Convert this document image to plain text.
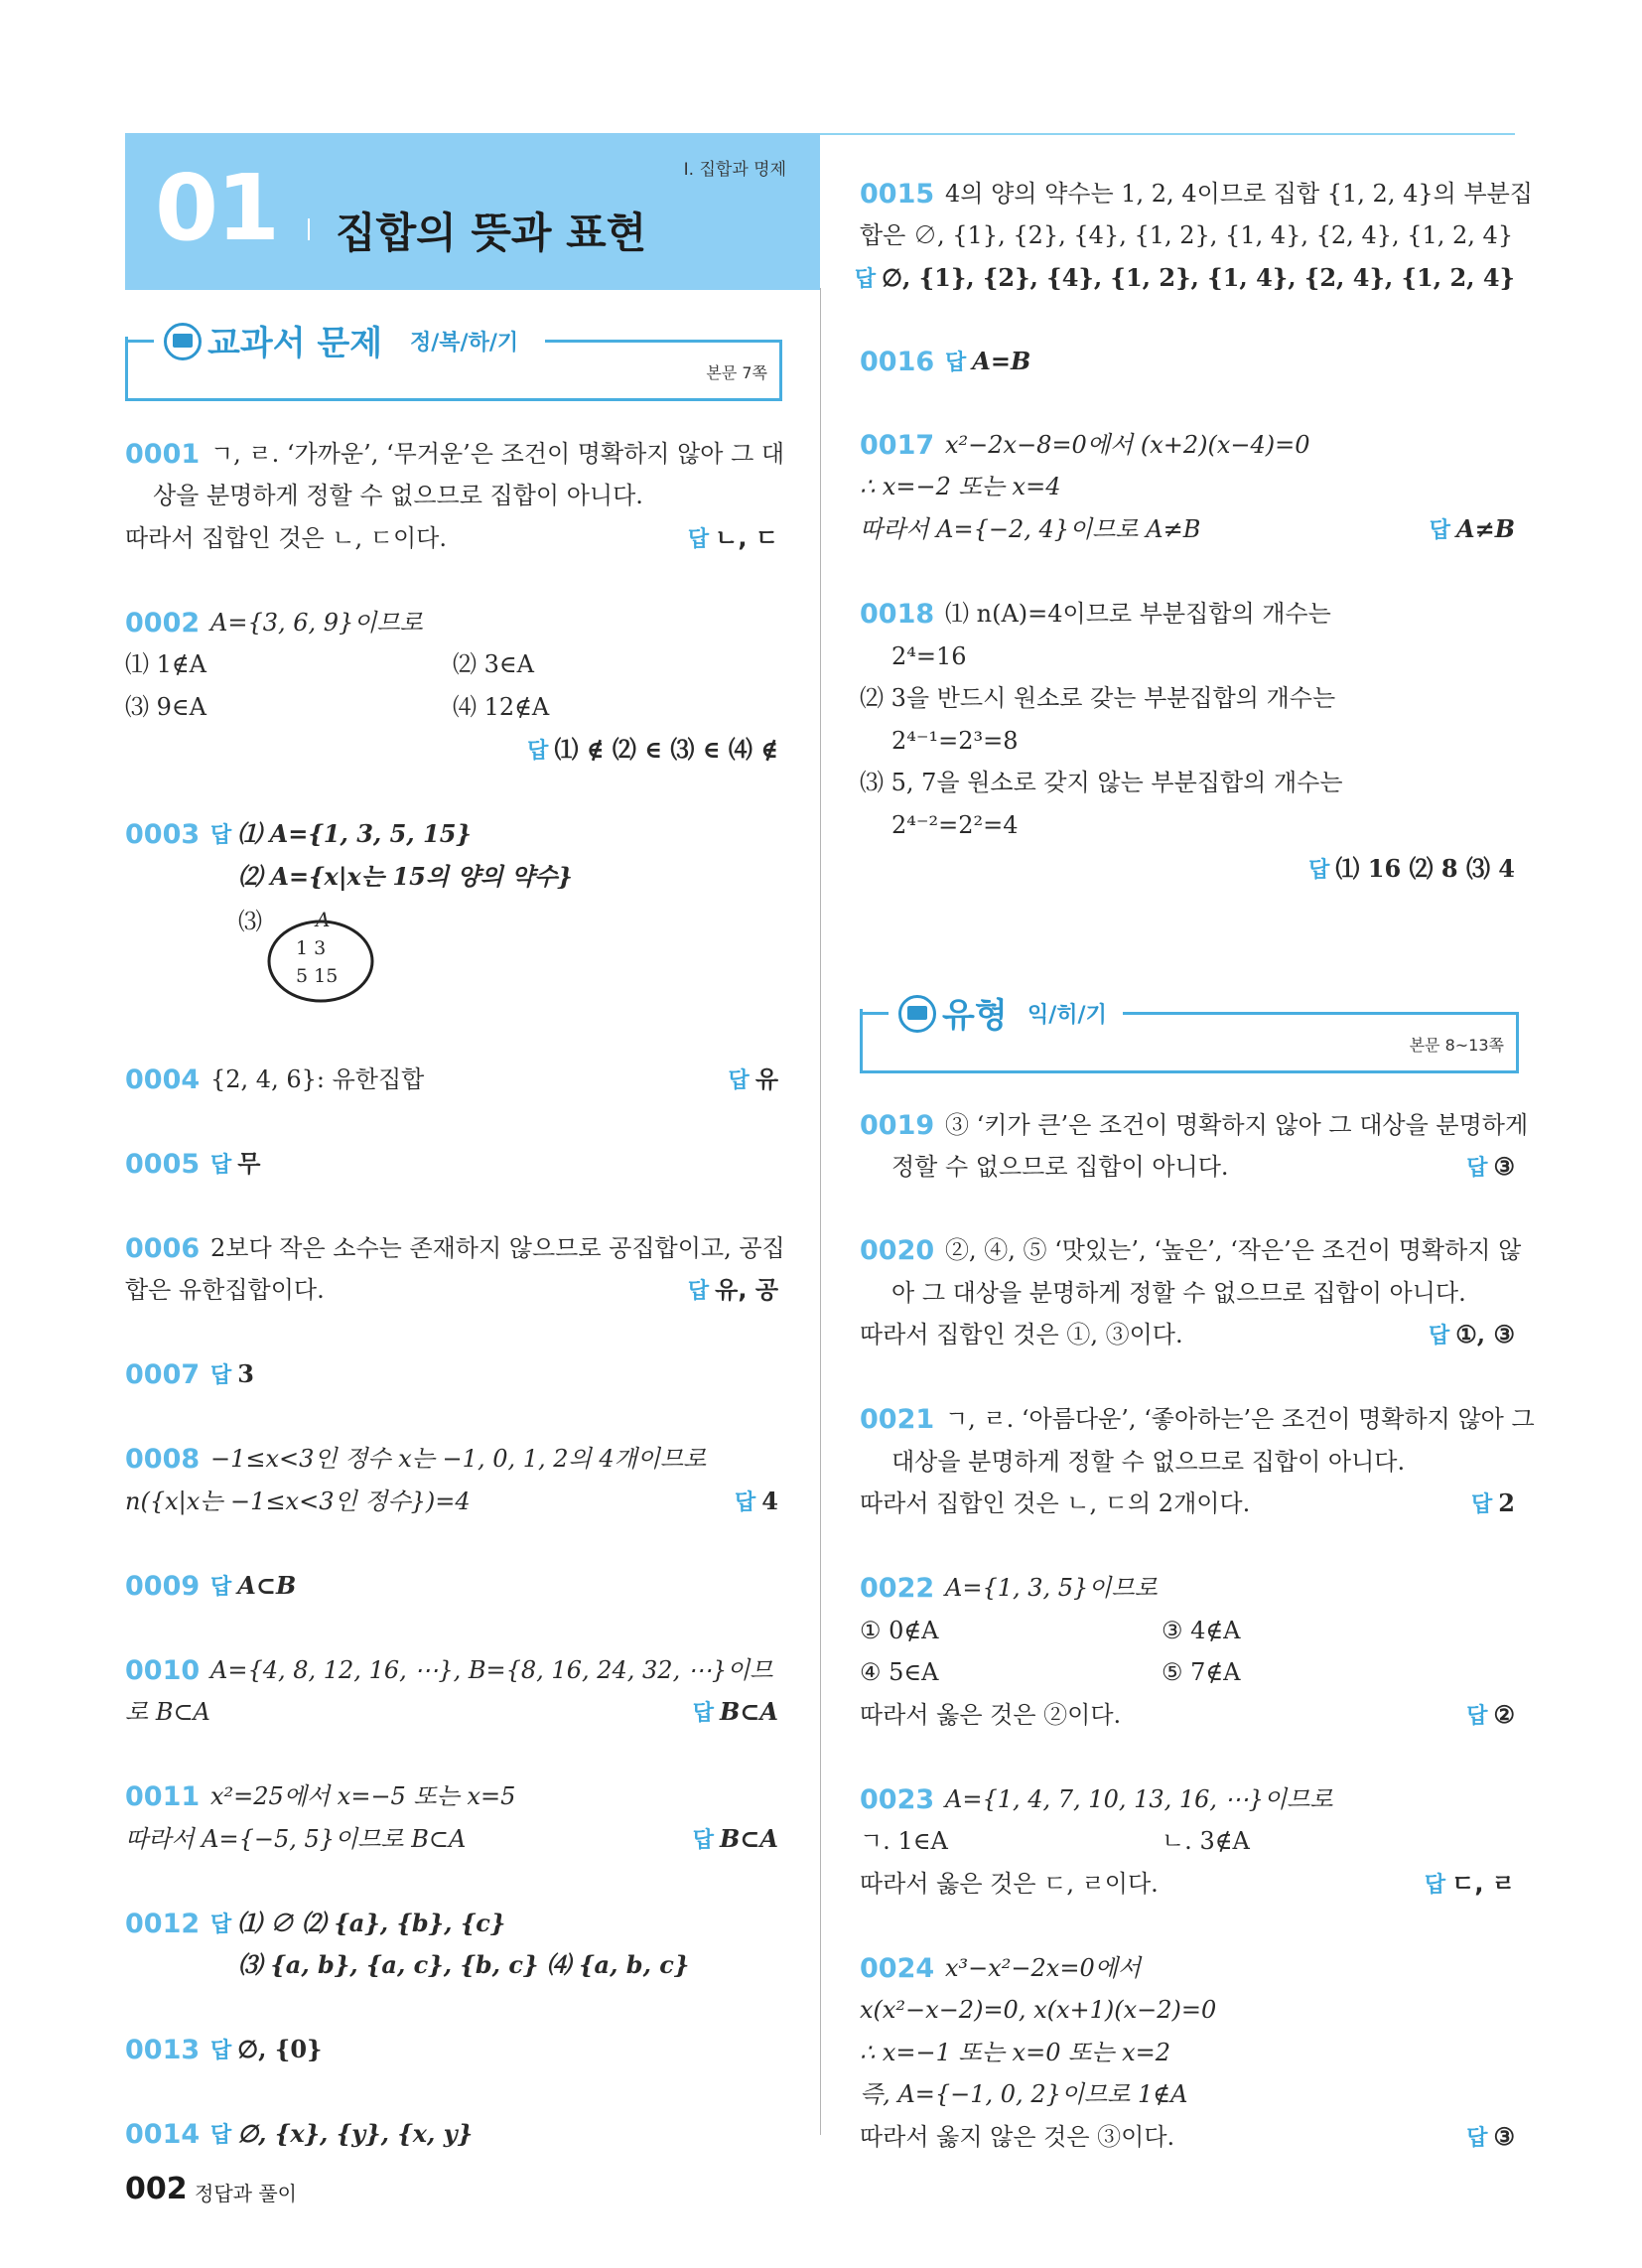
01 집합의 뜻과 표현
Ⅰ. 집합과 명제
교과서 문제 정/복/하/기
본문 7쪽
유형 익/히/기
본문 8~13쪽
0001 ㄱ, ㄹ. ‘가까운’, ‘무거운’은 조건이 명확하지 않아 그 대
상을 분명하게 정할 수 없으므로 집합이 아니다.
따라서 집합인 것은 ㄴ, ㄷ이다.	답 ㄴ, ㄷ
0002 A={3, 6, 9}이므로
⑴ 1∉A	⑵ 3∈A
⑶ 9∈A	⑷ 12∉A
답 ⑴ ∉ ⑵ ∈ ⑶ ∈ ⑷ ∉
0003 답 ⑴ A={1, 3, 5, 15}
⑵ A={x|x는 15의 양의 약수}
⑶	A
1 3
5 15
0004 {2, 4, 6}: 유한집합	답 유
0005 답 무
0006 2보다 작은 소수는 존재하지 않으므로 공집합이고, 공집
합은 유한집합이다.	답 유, 공
0007 답 3
0008 −1≤x<3인 정수 x는 −1, 0, 1, 2의 4개이므로
n({x|x는 −1≤x<3인 정수})=4	답 4
0009 답 A⊂B
0010 A={4, 8, 12, 16, ⋯}, B={8, 16, 24, 32, ⋯}이므
로 B⊂A	답 B⊂A
0011 x²=25에서 x=−5 또는 x=5
따라서 A={−5, 5}이므로 B⊂A	답 B⊂A
0012 답 ⑴ ∅ ⑵ {a}, {b}, {c}
⑶ {a, b}, {a, c}, {b, c} ⑷ {a, b, c}
0013 답 ∅, {0}
0014 답 ∅, {x}, {y}, {x, y}
0015 4의 양의 약수는 1, 2, 4이므로 집합 {1, 2, 4}의 부분집
합은 ∅, {1}, {2}, {4}, {1, 2}, {1, 4}, {2, 4}, {1, 2, 4}
답 ∅, {1}, {2}, {4}, {1, 2}, {1, 4}, {2, 4}, {1, 2, 4}
0016 답 A=B
0017 x²−2x−8=0에서 (x+2)(x−4)=0
∴ x=−2 또는 x=4
따라서 A={−2, 4}이므로 A≠B	답 A≠B
0018 ⑴ n(A)=4이므로 부분집합의 개수는
2⁴=16
⑵ 3을 반드시 원소로 갖는 부분집합의 개수는
2⁴⁻¹=2³=8
⑶ 5, 7을 원소로 갖지 않는 부분집합의 개수는
2⁴⁻²=2²=4
답 ⑴ 16 ⑵ 8 ⑶ 4
0019 ③ ‘키가 큰’은 조건이 명확하지 않아 그 대상을 분명하게
정할 수 없으므로 집합이 아니다.	답 ③
0020 ②, ④, ⑤ ‘맛있는’, ‘높은’, ‘작은’은 조건이 명확하지 않
아 그 대상을 분명하게 정할 수 없으므로 집합이 아니다.
따라서 집합인 것은 ①, ③이다.	답 ①, ③
0021 ㄱ, ㄹ. ‘아름다운’, ‘좋아하는’은 조건이 명확하지 않아 그
대상을 분명하게 정할 수 없으므로 집합이 아니다.
따라서 집합인 것은 ㄴ, ㄷ의 2개이다.	답 2
0022 A={1, 3, 5}이므로
① 0∉A	③ 4∉A
④ 5∈A	⑤ 7∉A
따라서 옳은 것은 ②이다.	답 ②
0023 A={1, 4, 7, 10, 13, 16, ⋯}이므로
ㄱ. 1∈A	ㄴ. 3∉A
따라서 옳은 것은 ㄷ, ㄹ이다.	답 ㄷ, ㄹ
0024 x³−x²−2x=0에서
x(x²−x−2)=0, x(x+1)(x−2)=0
∴ x=−1 또는 x=0 또는 x=2
즉, A={−1, 0, 2}이므로 1∉A
따라서 옳지 않은 것은 ③이다.	답 ③
002 정답과 풀이
